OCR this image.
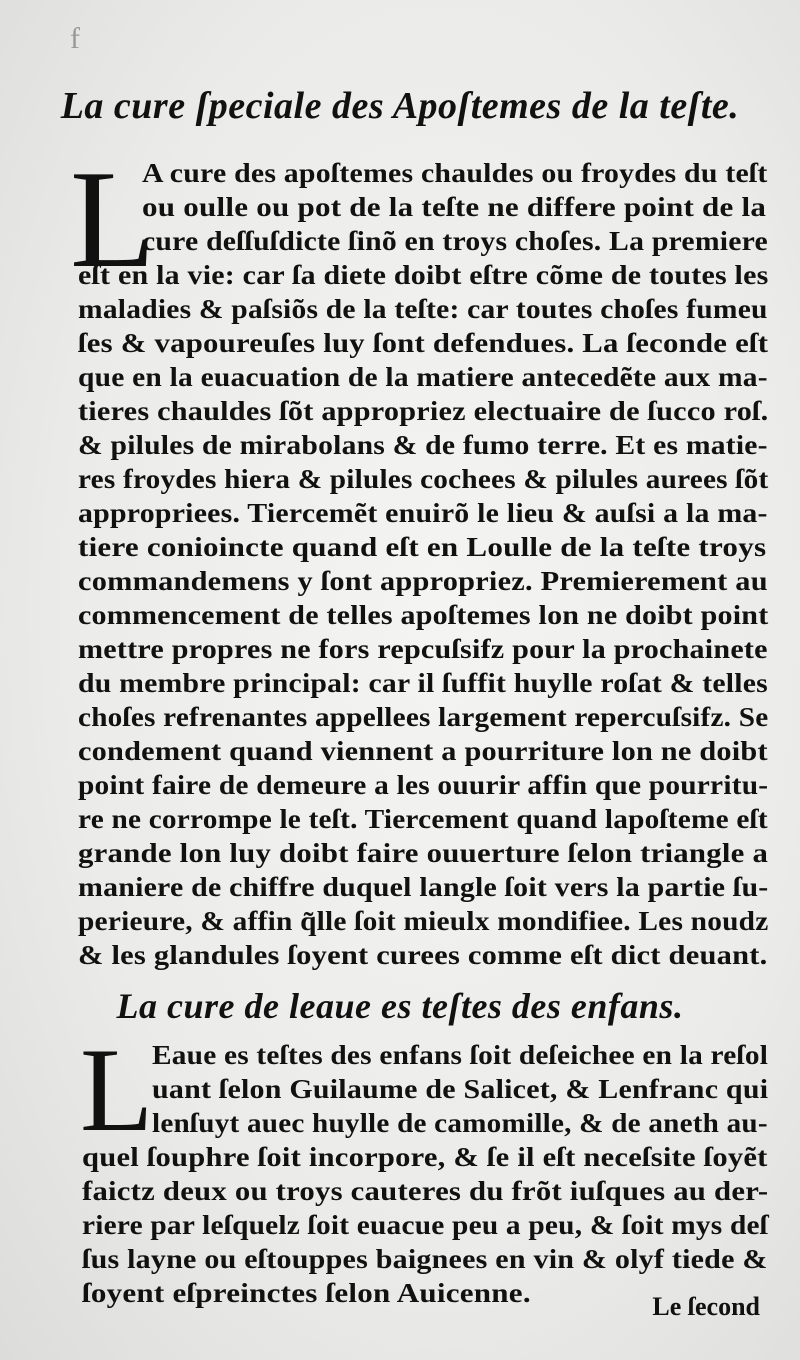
f
La cure ſpeciale des Apoſtemes de la teſte.
L
A cure des apoſtemes chauldes ou froydes du teſt
ou oulle ou pot de la teſte ne differe point de la
cure deſſuſdicte ſinõ en troys choſes. La premiere
eſt en la vie: car ſa diete doibt eſtre cõme de toutes les
maladies & paſsiõs de la teſte: car toutes choſes fumeu
ſes & vapoureuſes luy ſont defendues. La ſeconde eſt
que en la euacuation de la matiere antecedẽte aux ma-
tieres chauldes ſõt appropriez electuaire de ſucco roſ.
& pilules de mirabolans & de fumo terre. Et es matie-
res froydes hiera & pilules cochees & pilules aurees ſõt
appropriees. Tiercemẽt enuirõ le lieu & auſsi a la ma-
tiere conioincte quand eſt en Loulle de la teſte troys
commandemens y ſont appropriez. Premierement au
commencement de telles apoſtemes lon ne doibt point
mettre propres ne fors repcuſsifz pour la prochainete
du membre principal: car il ſuffit huylle roſat & telles
choſes refrenantes appellees largement repercuſsifz. Se
condement quand viennent a pourriture lon ne doibt
point faire de demeure a les ouurir affin que pourritu-
re ne corrompe le teſt. Tiercement quand lapoſteme eſt
grande lon luy doibt faire ouuerture ſelon triangle a
maniere de chiffre duquel langle ſoit vers la partie ſu-
perieure, & affin q̃lle ſoit mieulx mondifiee. Les noudz
& les glandules ſoyent curees comme eſt dict deuant.
La cure de leaue es teſtes des enfans.
L
Eaue es teſtes des enfans ſoit deſeichee en la reſol
uant ſelon Guilaume de Salicet, & Lenfranc qui
lenſuyt auec huylle de camomille, & de aneth au-
quel ſouphre ſoit incorpore, & ſe il eſt neceſsite ſoyẽt
faictz deux ou troys cauteres du frõt iuſques au der-
riere par leſquelz ſoit euacue peu a peu, & ſoit mys deſ
ſus layne ou eſtouppes baignees en vin & olyf tiede &
ſoyent eſpreinctes ſelon Auicenne.	Le ſecond
